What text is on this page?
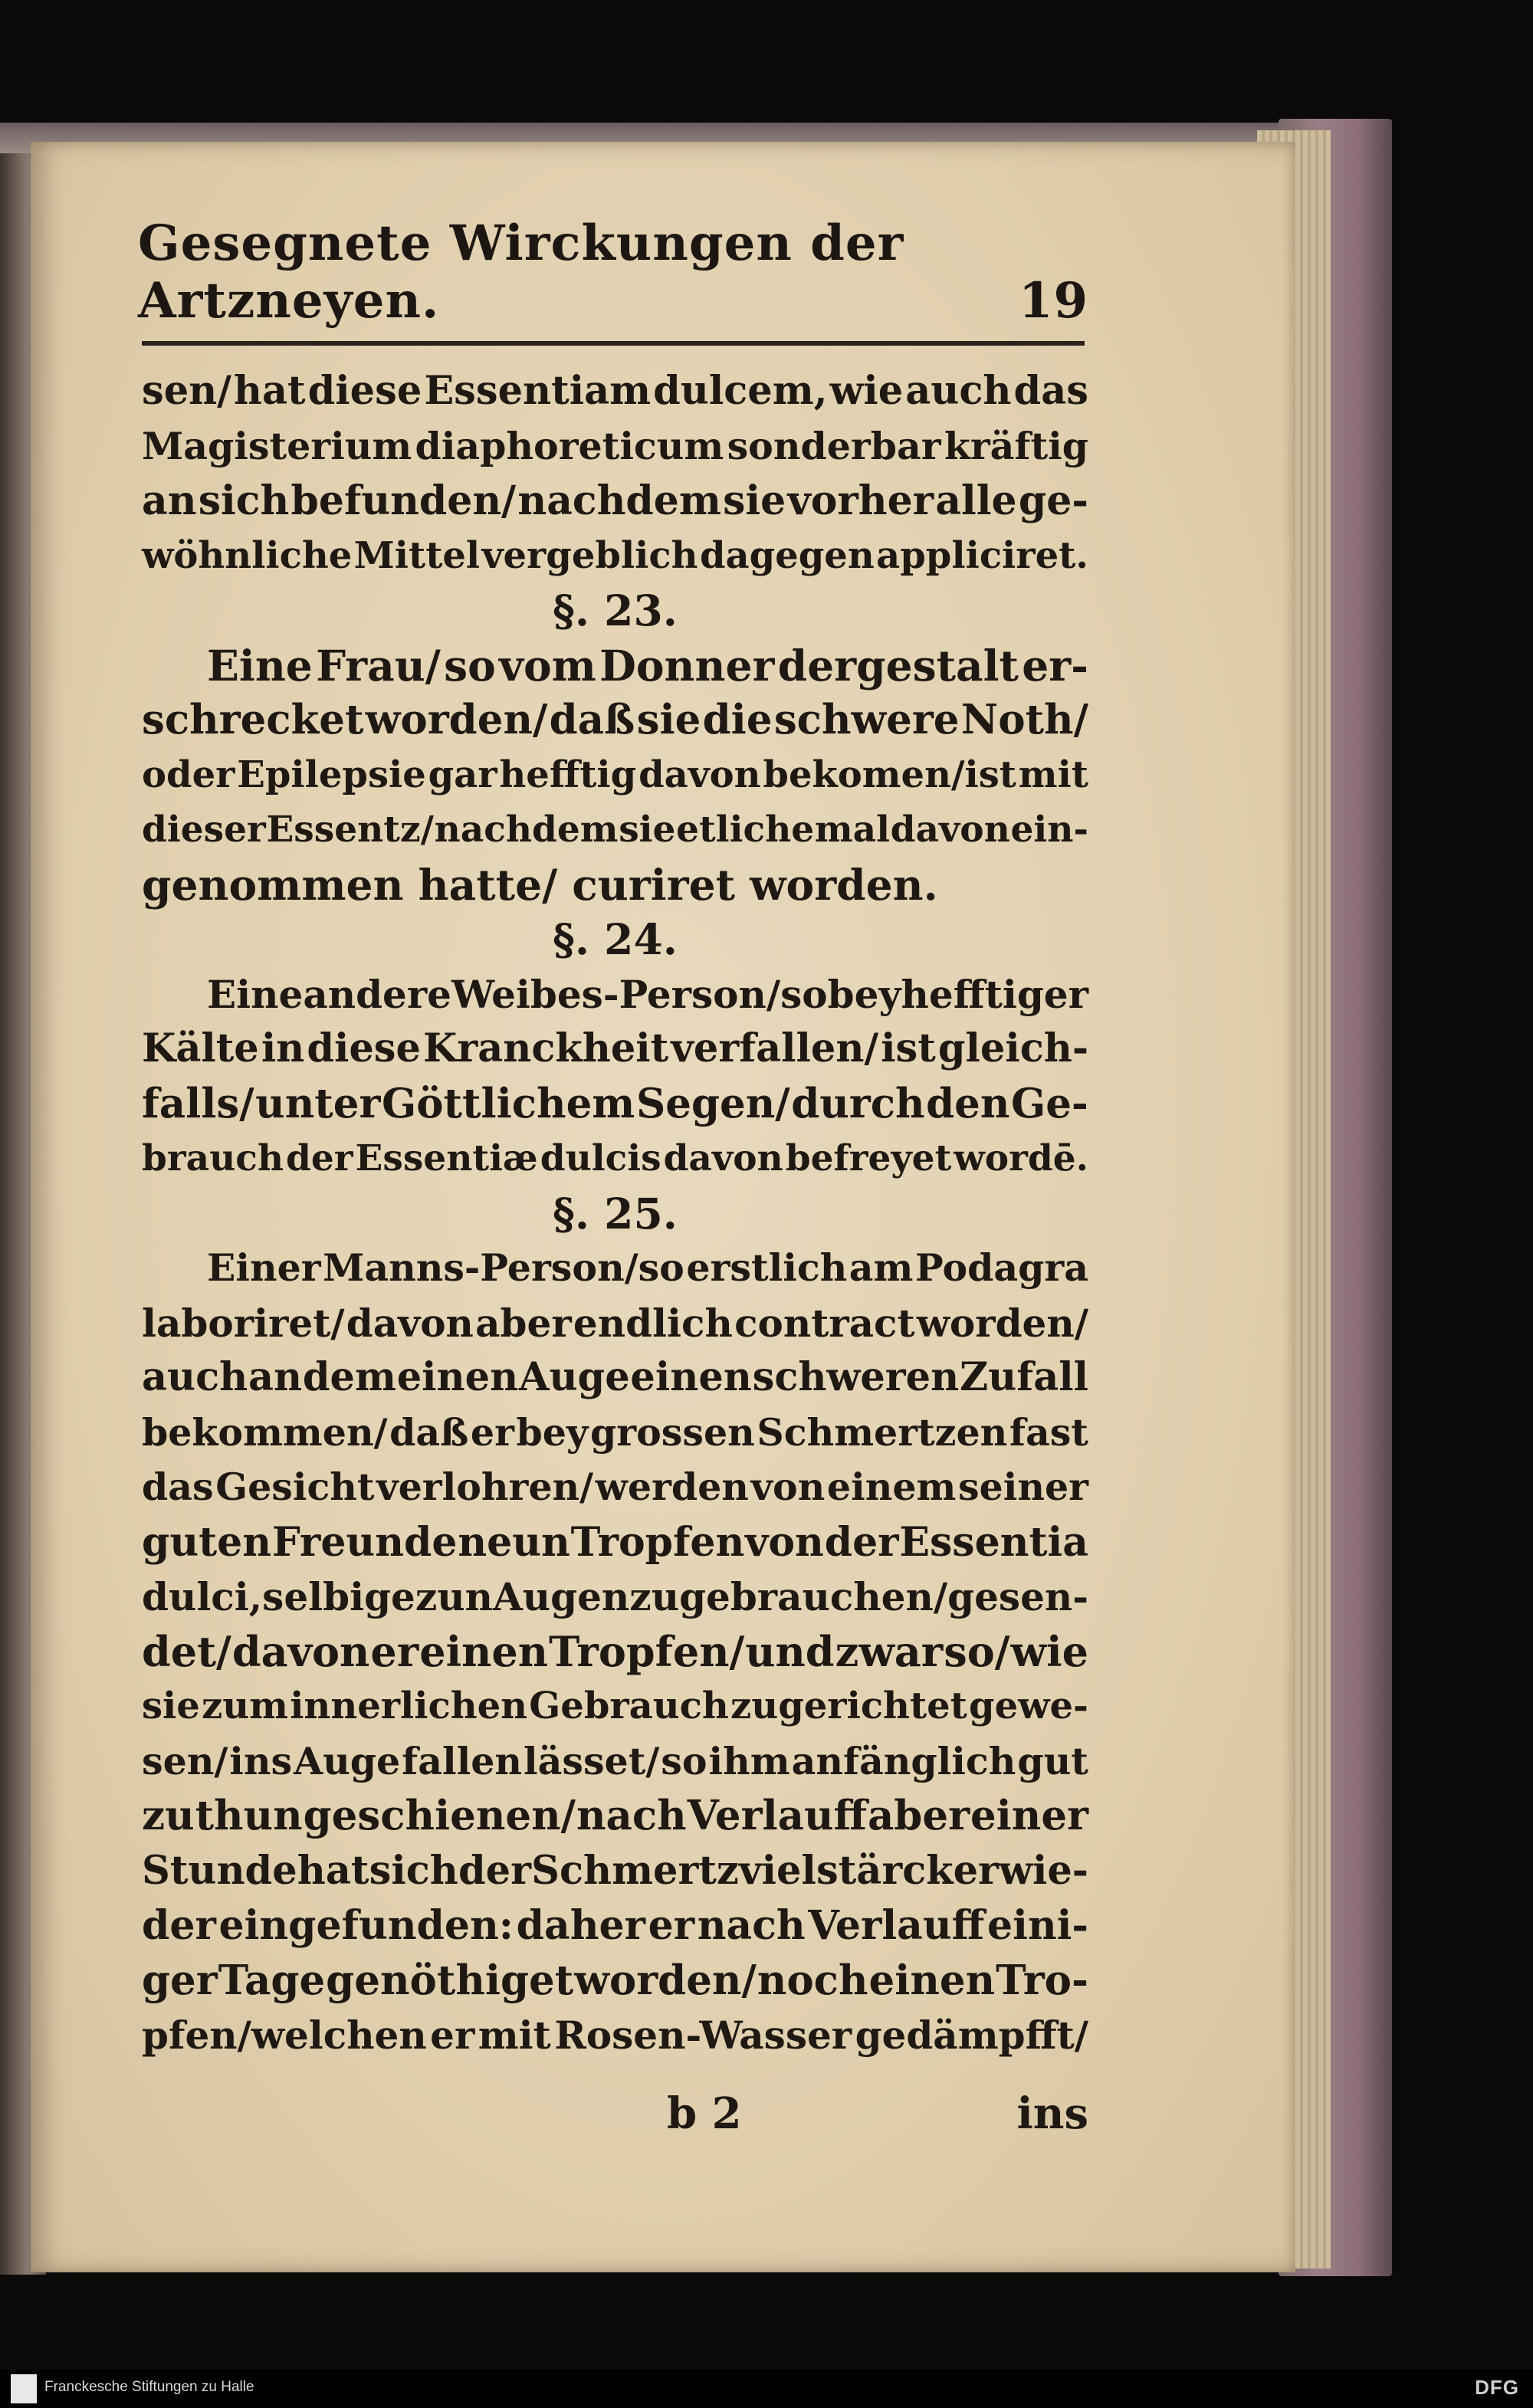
Gesegnete Wirckungen der Artzneyen.	19
sen/ hat diese Essentiam dulcem, wie auch das
Magisterium diaphoreticum sonderbar kräftig
an sich befunden/ nachdem sie vorher alle ge-
wöhnliche Mittel vergeblich dagegen appliciret.
§. 23.
Eine Frau/ so vom Donner dergestalt er-
schrecket worden/ daß sie die schwere Noth/
oder Epilepsie gar hefftig davon bekomen/ist mit
dieser Essentz/ nachdem sie etliche mal davon ein-
genommen hatte/ curiret worden.
§. 24.
Eine andere Weibes-Person/ so bey hefftiger
Kälte in diese Kranckheit verfallen/ ist gleich-
falls/ unter Göttlichem Segen/ durch den Ge-
brauch der Essentiæ dulcis davon befreyet wordē.
§. 25.
Einer Manns-Person/so erstlich am Podagra
laboriret/ davon aber endlich contract worden/
auch an dem einen Auge einen schweren Zufall
bekommen/ daß er bey grossen Schmertzen fast
das Gesicht verlohren/ werden von einem seiner
guten Freunde neun Tropfen von der Essentia
dulci, selbige zun Augen zu gebrauchen/ gesen-
det/ davon er einen Tropfen/ und zwar so/ wie
sie zum innerlichen Gebrauch zugerichtet gewe-
sen/ ins Auge fallen lässet/ so ihm anfänglich gut
zu thun geschienen/ nach Verlauff aber einer
Stunde hat sich der Schmertz viel stärcker wie-
der eingefunden: daher er nach Verlauff eini-
ger Tage genöthiget worden/ noch einen Tro-
pfen/welchen er mit Rosen-Wasser gedämpfft/
b 2	ins
Franckesche Stiftungen zu Halle	DFG
